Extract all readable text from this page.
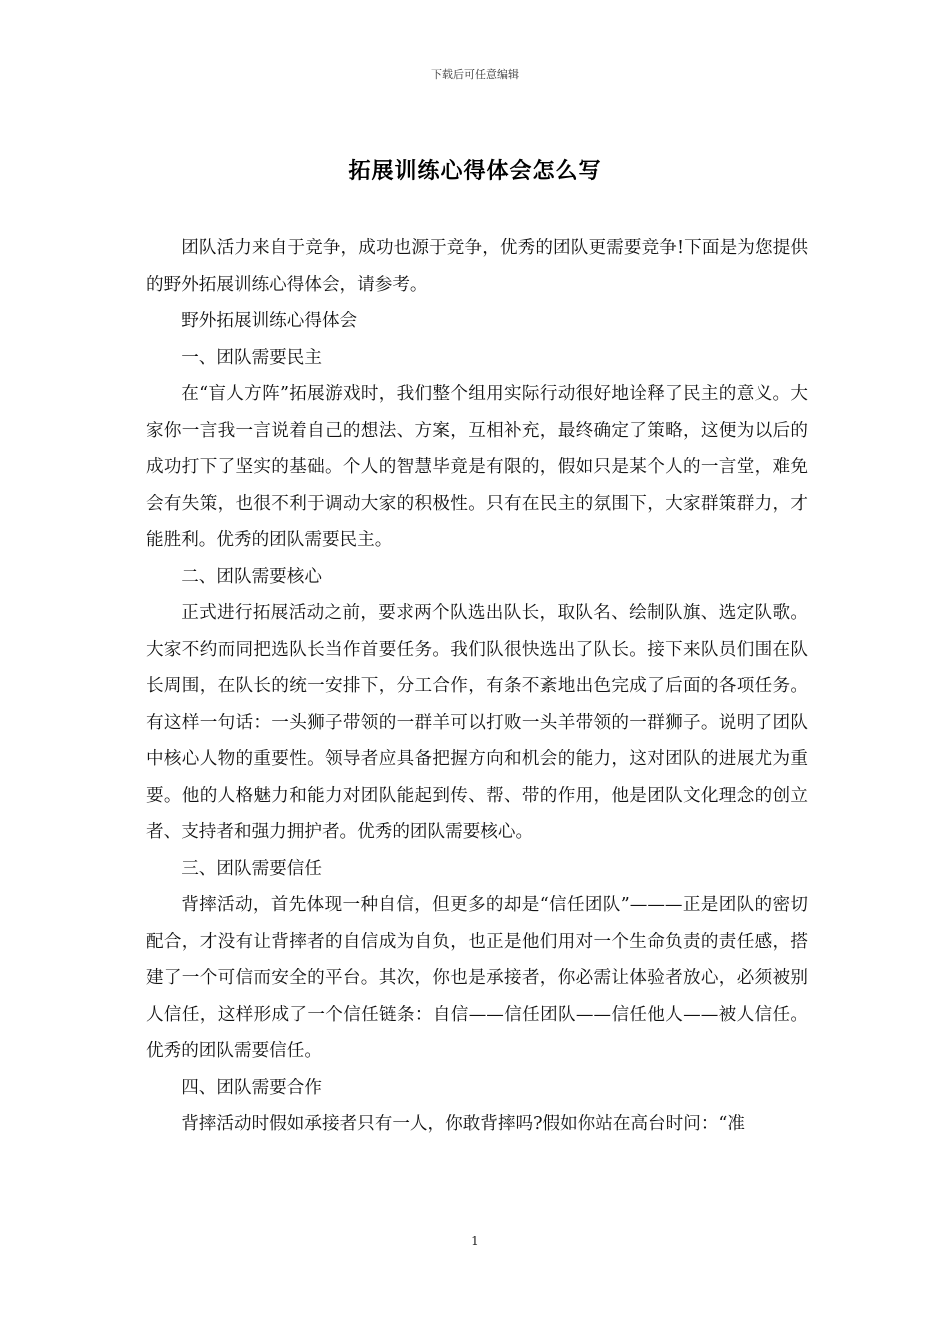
下载后可任意编辑
拓展训练心得体会怎么写

团队活力来自于竞争，成功也源于竞争，优秀的团队更需要竞争!下面是为您提供的野外拓展训练心得体会，请参考。

野外拓展训练心得体会

一、团队需要民主

在“盲人方阵”拓展游戏时，我们整个组用实际行动很好地诠释了民主的意义。大家你一言我一言说着自己的想法、方案，互相补充，最终确定了策略，这便为以后的成功打下了坚实的基础。个人的智慧毕竟是有限的，假如只是某个人的一言堂，难免会有失策，也很不利于调动大家的积极性。只有在民主的氛围下，大家群策群力，才能胜利。优秀的团队需要民主。

二、团队需要核心

正式进行拓展活动之前，要求两个队选出队长，取队名、绘制队旗、选定队歌。大家不约而同把选队长当作首要任务。我们队很快选出了队长。接下来队员们围在队长周围，在队长的统一安排下，分工合作，有条不紊地出色完成了后面的各项任务。有这样一句话：一头狮子带领的一群羊可以打败一头羊带领的一群狮子。说明了团队中核心人物的重要性。领导者应具备把握方向和机会的能力，这对团队的进展尤为重要。他的人格魅力和能力对团队能起到传、帮、带的作用，他是团队文化理念的创立者、支持者和强力拥护者。优秀的团队需要核心。

三、团队需要信任

背摔活动，首先体现一种自信，但更多的却是“信任团队”———正是团队的密切配合，才没有让背摔者的自信成为自负，也正是他们用对一个生命负责的责任感，搭建了一个可信而安全的平台。其次，你也是承接者，你必需让体验者放心，必须被别人信任，这样形成了一个信任链条：自信——信任团队——信任他人——被人信任。优秀的团队需要信任。

四、团队需要合作

背摔活动时假如承接者只有一人，你敢背摔吗?假如你站在高台时问：“准

1
